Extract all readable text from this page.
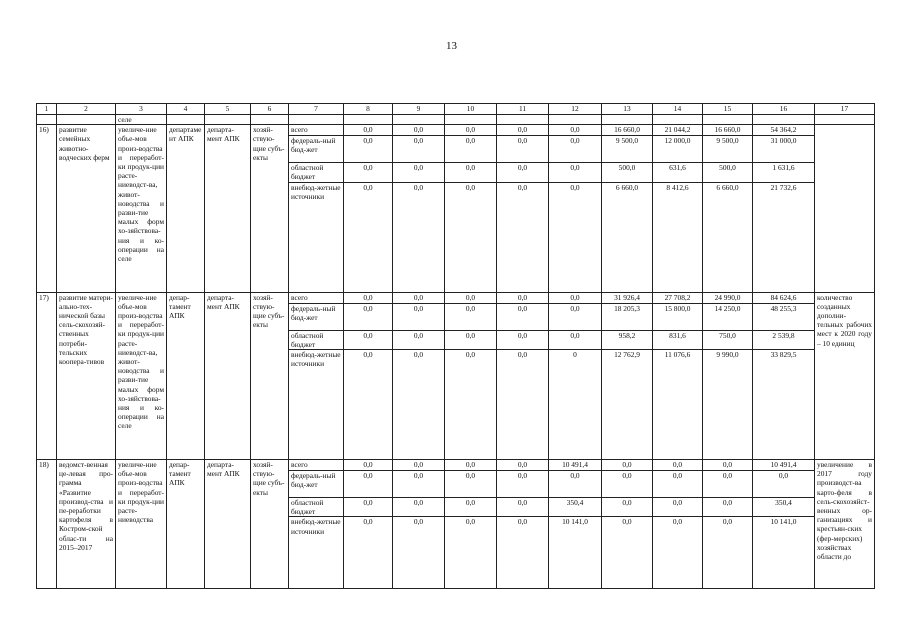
13
1	2	3	4	5	6	7	8	9	10	11	12	13	14	15	16	17
		селе														
16)	развитие семейных животно-водческих ферм	увеличе-ние объе-мов произ-водства и переработ-ки продук-ции расте-ниеводст-ва, живот-новодства и разви-тие малых форм хо-зяйствова-ния и ко-операции на селе	департамент АПК	департа-мент АПК	хозяй-ствую-щие субъ-екты	всего	0,0	0,0	0,0	0,0	0,0	16 660,0	21 044,2	16 660,0	54 364,2	
						федераль-ный бюд-жет	0,0	0,0	0,0	0,0	0,0	9 500,0	12 000,0	9 500,0	31 000,0	
						областной бюджет	0,0	0,0	0,0	0,0	0,0	500,0	631,6	500,0	1 631,6	
						внебюд-жетные источники	0,0	0,0	0,0	0,0	0,0	6 660,0	8 412,6	6 660,0	21 732,6	
17)	развитие матери-ально-тех-нической базы сель-скохозяй-ственных потреби-тельских коопера-тивов	увеличе-ние объе-мов произ-водства и переработ-ки продук-ции расте-ниеводст-ва, живот-новодства и разви-тие малых форм хо-зяйствова-ния и ко-операции на селе	депар-тамент АПК	департа-мент АПК	хозяй-ствую-щие субъ-екты	всего	0,0	0,0	0,0	0,0	0,0	31 926,4	27 708,2	24 990,0	84 624,6	количество созданных дополни-тельных рабочих мест к 2020 году – 10 единиц
						федераль-ный бюд-жет	0,0	0,0	0,0	0,0	0,0	18 205,3	15 800,0	14 250,0	48 255,3	
						областной бюджет	0,0	0,0	0,0	0,0	0,0	958,2	831,6	750,0	2 539,8	
						внебюд-жетные источники	0,0	0,0	0,0	0,0	0	12 762,9	11 076,6	9 990,0	33 829,5	
18)	ведомст-венная це-левая про-грамма «Развитие производ-ства и пе-реработки картофеля в Костром-ской облас-ти на 2015–2017	увеличе-ние объе-мов произ-водства и переработ-ки продук-ции расте-ниеводства	депар-тамент АПК	департа-мент АПК	хозяй-ствую-щие субъ-екты	всего	0,0	0,0	0,0	0,0	10 491,4	0,0	0,0	0,0	10 491,4	увеличение в 2017 году производст-ва карто-феля в сель-скохозяйст-венных ор-ганизациях и крестьян-ских (фер-мерских) хозяйствах области до
						федераль-ный бюд-жет	0,0	0,0	0,0	0,0	0,0	0,0	0,0	0,0	0,0	
						областной бюджет	0,0	0,0	0,0	0,0	350,4	0,0	0,0	0,0	350,4	
						внебюд-жетные источники	0,0	0,0	0,0	0,0	10 141,0	0,0	0,0	0,0	10 141,0	
